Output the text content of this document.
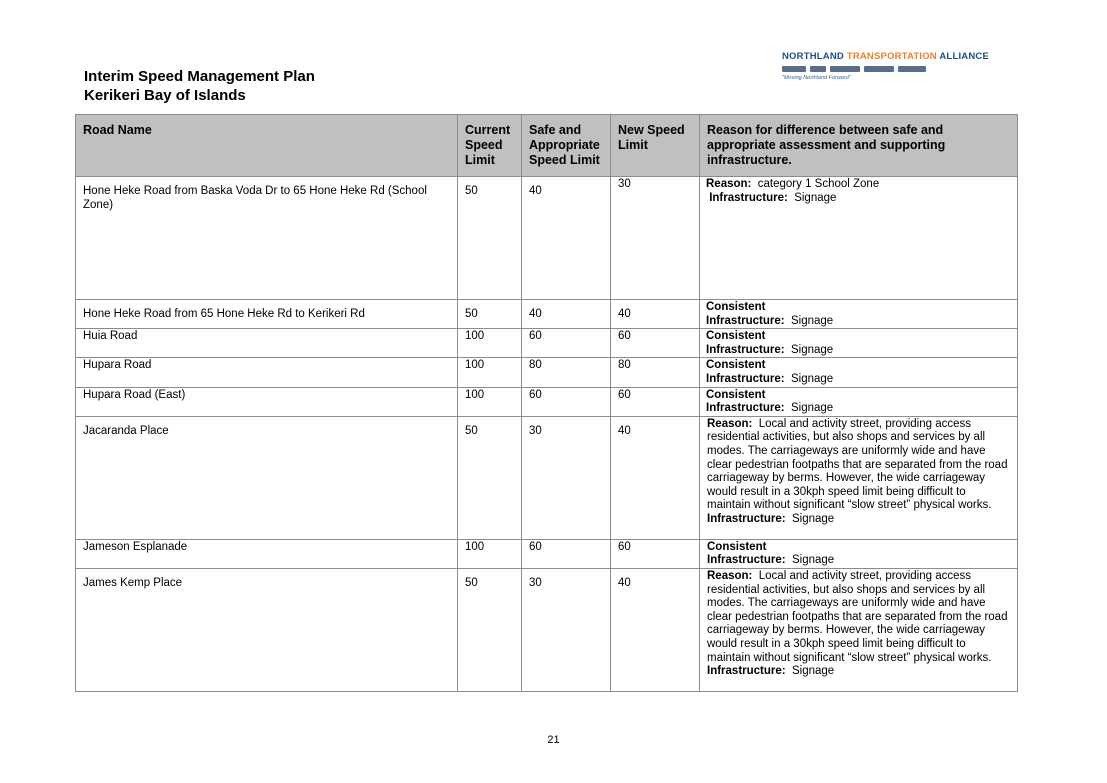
Interim Speed Management Plan
Kerikeri Bay of Islands
NORTHLAND TRANSPORTATION ALLIANCE
"Moving Northland Forward"
Road Name	Current Speed Limit	Safe and Appropriate Speed Limit	New Speed Limit	Reason for difference between safe and appropriate assessment and supporting infrastructure.
Hone Heke Road from Baska Voda Dr to 65 Hone Heke Rd (School Zone)	50	40	30	Reason: category 1 School Zone
Infrastructure: Signage

Hone Heke Road from 65 Hone Heke Rd to Kerikeri Rd	50	40	40	Consistent
Infrastructure: Signage

Huia Road	100	60	60	Consistent
Infrastructure: Signage

Hupara Road	100	80	80	Consistent
Infrastructure: Signage

Hupara Road (East)	100	60	60	Consistent
Infrastructure: Signage

Jacaranda Place	50	30	40	Reason: Local and activity street, providing access residential activities, but also shops and services by all modes. The carriageways are uniformly wide and have clear pedestrian footpaths that are separated from the road carriageway by berms. However, the wide carriageway would result in a 30kph speed limit being difficult to maintain without significant “slow street” physical works.
Infrastructure: Signage

Jameson Esplanade	100	60	60	Consistent
Infrastructure: Signage

James Kemp Place	50	30	40	Reason: Local and activity street, providing access residential activities, but also shops and services by all modes. The carriageways are uniformly wide and have clear pedestrian footpaths that are separated from the road carriageway by berms. However, the wide carriageway would result in a 30kph speed limit being difficult to maintain without significant “slow street” physical works.
Infrastructure: Signage
21
